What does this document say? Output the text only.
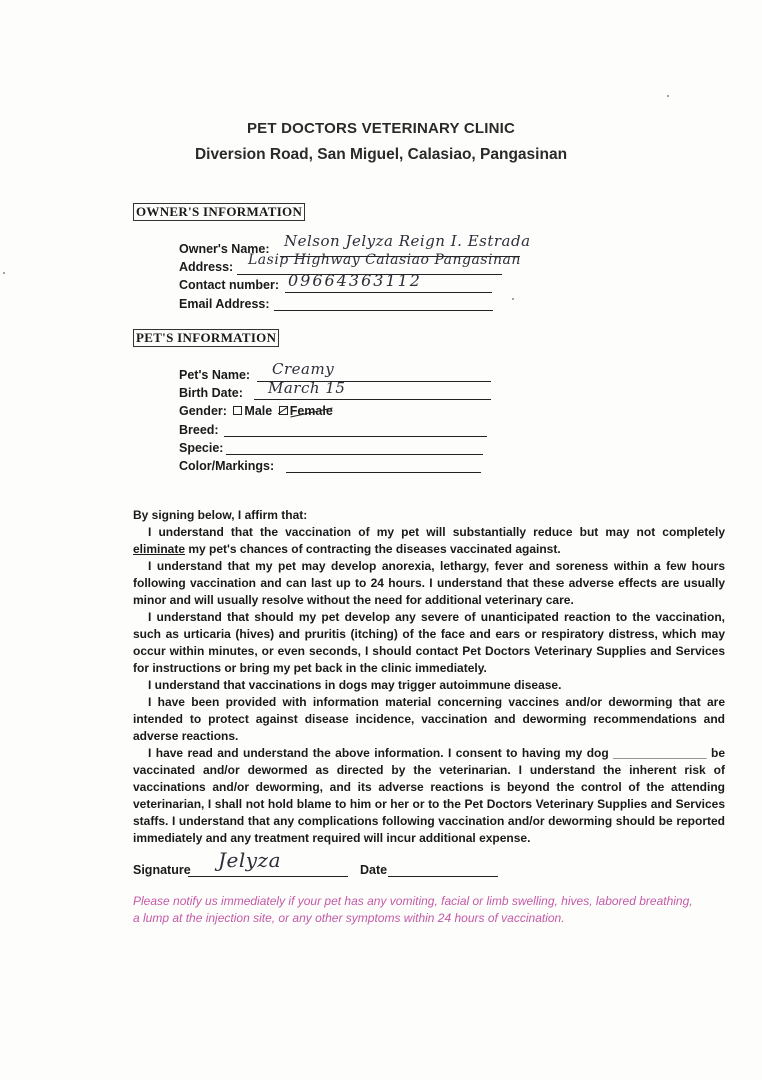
PET DOCTORS VETERINARY CLINIC
Diversion Road, San Miguel, Calasiao, Pangasinan
OWNER'S INFORMATION
Owner's Name: Nelson Jelyza Reign I. Estrada
Address: Lasip Highway Calasiao Pangasinan
Contact number: 09664363112
Email Address:
PET'S INFORMATION
Pet's Name: Creamy
Birth Date: March 15
Gender: Male Female
Breed:
Specie:
Color/Markings:

By signing below, I affirm that:

I understand that the vaccination of my pet will substantially reduce but may not completely eliminate my pet's chances of contracting the diseases vaccinated against.

I understand that my pet may develop anorexia, lethargy, fever and soreness within a few hours following vaccination and can last up to 24 hours. I understand that these adverse effects are usually minor and will usually resolve without the need for additional veterinary care.

I understand that should my pet develop any severe of unanticipated reaction to the vaccination, such as urticaria (hives) and pruritis (itching) of the face and ears or respiratory distress, which may occur within minutes, or even seconds, I should contact Pet Doctors Veterinary Supplies and Services for instructions or bring my pet back in the clinic immediately.

I understand that vaccinations in dogs may trigger autoimmune disease.

I have been provided with information material concerning vaccines and/or deworming that are intended to protect against disease incidence, vaccination and deworming recommendations and adverse reactions.

I have read and understand the above information. I consent to having my dog ______________ be vaccinated and/or dewormed as directed by the veterinarian. I understand the inherent risk of vaccinations and/or deworming, and its adverse reactions is beyond the control of the attending veterinarian, I shall not hold blame to him or her or to the Pet Doctors Veterinary Supplies and Services staffs. I understand that any complications following vaccination and/or deworming should be reported immediately and any treatment required will incur additional expense.

Signature Jelyza	Date
Please notify us immediately if your pet has any vomiting, facial or limb swelling, hives, labored breathing, a lump at the injection site, or any other symptoms within 24 hours of vaccination.
